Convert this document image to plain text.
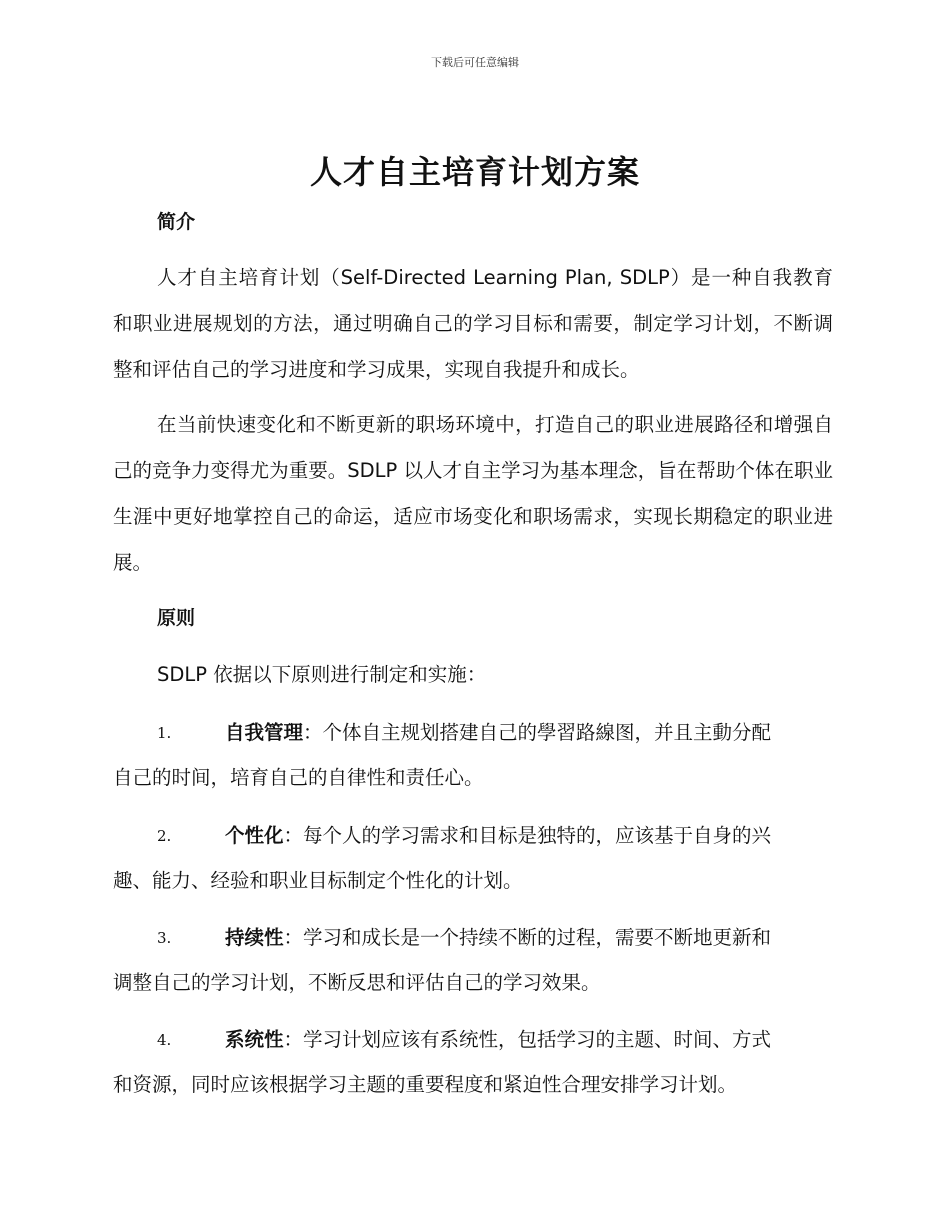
下载后可任意编辑
人才自主培育计划方案
简介

人才自主培育计划（Self-Directed Learning Plan, SDLP）是一种自我教育和职业进展规划的方法，通过明确自己的学习目标和需要，制定学习计划，不断调整和评估自己的学习进度和学习成果，实现自我提升和成长。

在当前快速变化和不断更新的职场环境中，打造自己的职业进展路径和增强自己的竞争力变得尤为重要。SDLP 以人才自主学习为基本理念，旨在帮助个体在职业生涯中更好地掌控自己的命运，适应市场变化和职场需求，实现长期稳定的职业进展。

原则

SDLP 依据以下原则进行制定和实施：

1.	自我管理：个体自主规划搭建自己的學習路線图，并且主動分配
自己的时间，培育自己的自律性和责任心。
2.	个性化：每个人的学习需求和目标是独特的，应该基于自身的兴
趣、能力、经验和职业目标制定个性化的计划。
3.	持续性：学习和成长是一个持续不断的过程，需要不断地更新和
调整自己的学习计划，不断反思和评估自己的学习效果。
4.	系统性：学习计划应该有系统性，包括学习的主题、时间、方式
和资源，同时应该根据学习主题的重要程度和紧迫性合理安排学习计划。
